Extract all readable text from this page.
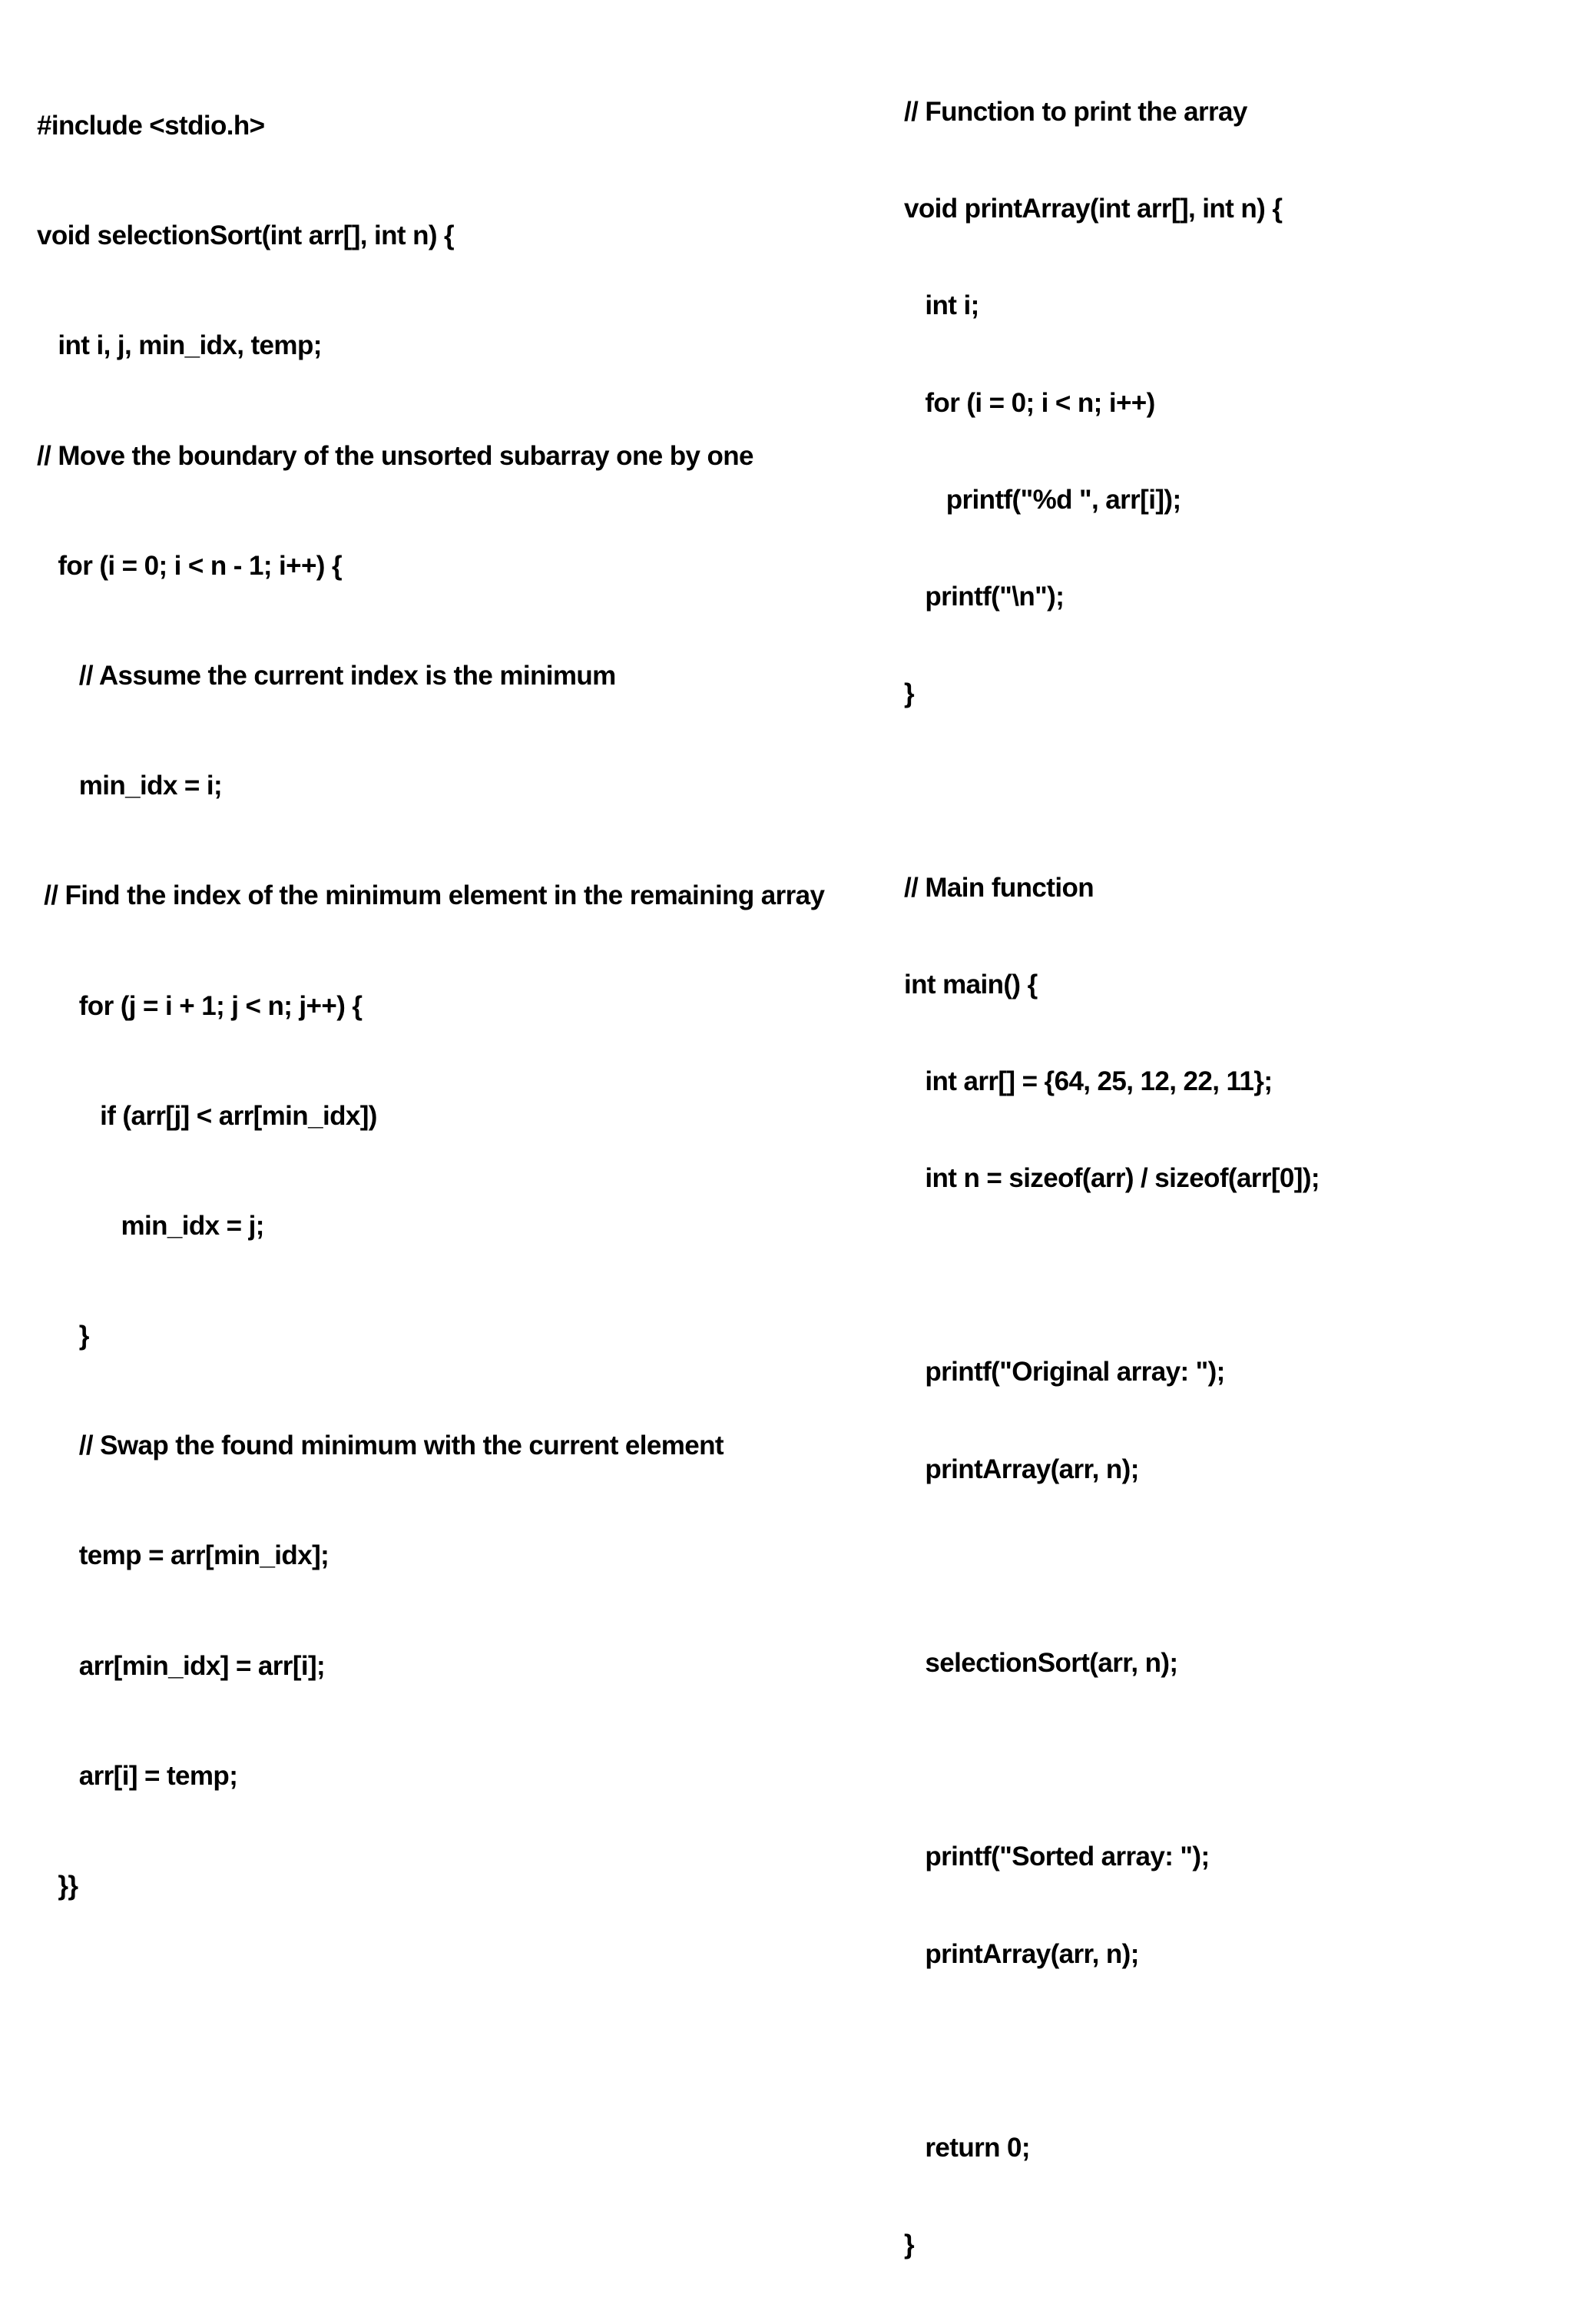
#include <stdio.h>

void selectionSort(int arr[], int n) {

int i, j, min_idx, temp;

// Move the boundary of the unsorted subarray one by one

for (i = 0; i < n - 1; i++) {

// Assume the current index is the minimum

min_idx = i;

// Find the index of the minimum element in the remaining array

for (j = i + 1; j < n; j++) {

if (arr[j] < arr[min_idx])

min_idx = j;

}

// Swap the found minimum with the current element

temp = arr[min_idx];

arr[min_idx] = arr[i];

arr[i] = temp;

}}

// Function to print the array

void printArray(int arr[], int n) {

int i;

for (i = 0; i < n; i++)

printf("%d ", arr[i]);

printf("\n");

}

// Main function

int main() {

int arr[] = {64, 25, 12, 22, 11};

int n = sizeof(arr) / sizeof(arr[0]);

printf("Original array: ");

printArray(arr, n);

selectionSort(arr, n);

printf("Sorted array: ");

printArray(arr, n);

return 0;

}
